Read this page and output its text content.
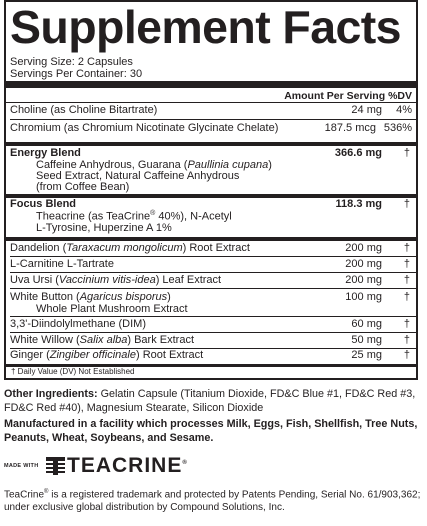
Supplement Facts
Serving Size: 2 Capsules
Servings Per Container: 30
Amount Per Serving %DV
Choline (as Choline Bitartrate)	24 mg 4%
Chromium (as Chromium Nicotinate Glycinate Chelate)	187.5 mcg 536%
Energy Blend	366.6 mg †
Caffeine Anhydrous, Guarana (Paullinia cupana)
Seed Extract, Natural Caffeine Anhydrous
(from Coffee Bean)
Focus Blend	118.3 mg †
Theacrine (as TeaCrine® 40%), N-Acetyl
L-Tyrosine, Huperzine A 1%
Dandelion (Taraxacum mongolicum) Root Extract	200 mg †
L-Carnitine L-Tartrate	200 mg †
Uva Ursi (Vaccinium vitis-idea) Leaf Extract	200 mg †
White Button (Agaricus bisporus)	100 mg †
Whole Plant Mushroom Extract
3,3'-Diindolylmethane (DIM)	60 mg †
White Willow (Salix alba) Bark Extract	50 mg †
Ginger (Zingiber officinale) Root Extract	25 mg †
† Daily Value (DV) Not Established

Other Ingredients: Gelatin Capsule (Titanium Dioxide, FD&C Blue #1, FD&C Red #3, FD&C Red #40), Magnesium Stearate, Silicon Dioxide

Manufactured in a facility which processes Milk, Eggs, Fish, Shellfish, Tree Nuts, Peanuts, Wheat, Soybeans, and Sesame.

MADE WITH TEACRINE®

TeaCrine® is a registered trademark and protected by Patents Pending, Serial No. 61/903,362; under exclusive global distribution by Compound Solutions, Inc.
